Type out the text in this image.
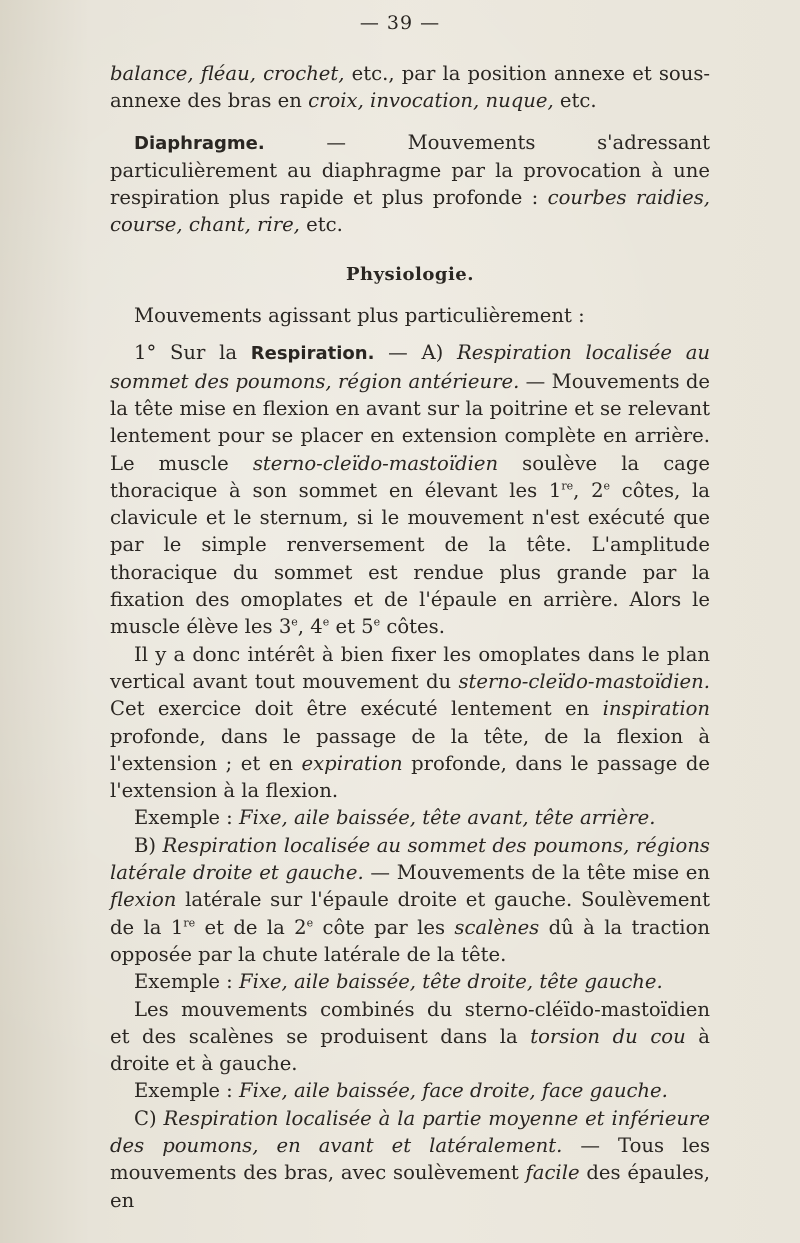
— 39 —

balance, fléau, crochet, etc., par la position annexe et sous-annexe des bras en croix, invocation, nuque, etc.

Diaphragme. — Mouvements s'adressant particulièrement au diaphragme par la provocation à une respiration plus rapide et plus profonde : courbes raidies, course, chant, rire, etc.

Physiologie.

Mouvements agissant plus particulièrement :

1° Sur la Respiration. — A) Respiration localisée au sommet des poumons, région antérieure. — Mouvements de la tête mise en flexion en avant sur la poitrine et se relevant lentement pour se placer en extension complète en arrière. Le muscle sterno-cleïdo-mastoïdien soulève la cage thoracique à son sommet en élevant les 1re, 2e côtes, la clavicule et le sternum, si le mouvement n'est exécuté que par le simple renversement de la tête. L'amplitude thoracique du sommet est rendue plus grande par la fixation des omoplates et de l'épaule en arrière. Alors le muscle élève les 3e, 4e et 5e côtes.

Il y a donc intérêt à bien fixer les omoplates dans le plan vertical avant tout mouvement du sterno-cleïdo-mastoïdien. Cet exercice doit être exécuté lentement en inspiration profonde, dans le passage de la tête, de la flexion à l'extension ; et en expiration profonde, dans le passage de l'extension à la flexion.

Exemple : Fixe, aile baissée, tête avant, tête arrière.

B) Respiration localisée au sommet des poumons, régions latérale droite et gauche. — Mouvements de la tête mise en flexion latérale sur l'épaule droite et gauche. Soulèvement de la 1re et de la 2e côte par les scalènes dû à la traction opposée par la chute latérale de la tête.

Exemple : Fixe, aile baissée, tête droite, tête gauche.

Les mouvements combinés du sterno-cléïdo-mastoïdien et des scalènes se produisent dans la torsion du cou à droite et à gauche.

Exemple : Fixe, aile baissée, face droite, face gauche.

C) Respiration localisée à la partie moyenne et inférieure des poumons, en avant et latéralement. — Tous les mouvements des bras, avec soulèvement facile des épaules, en
